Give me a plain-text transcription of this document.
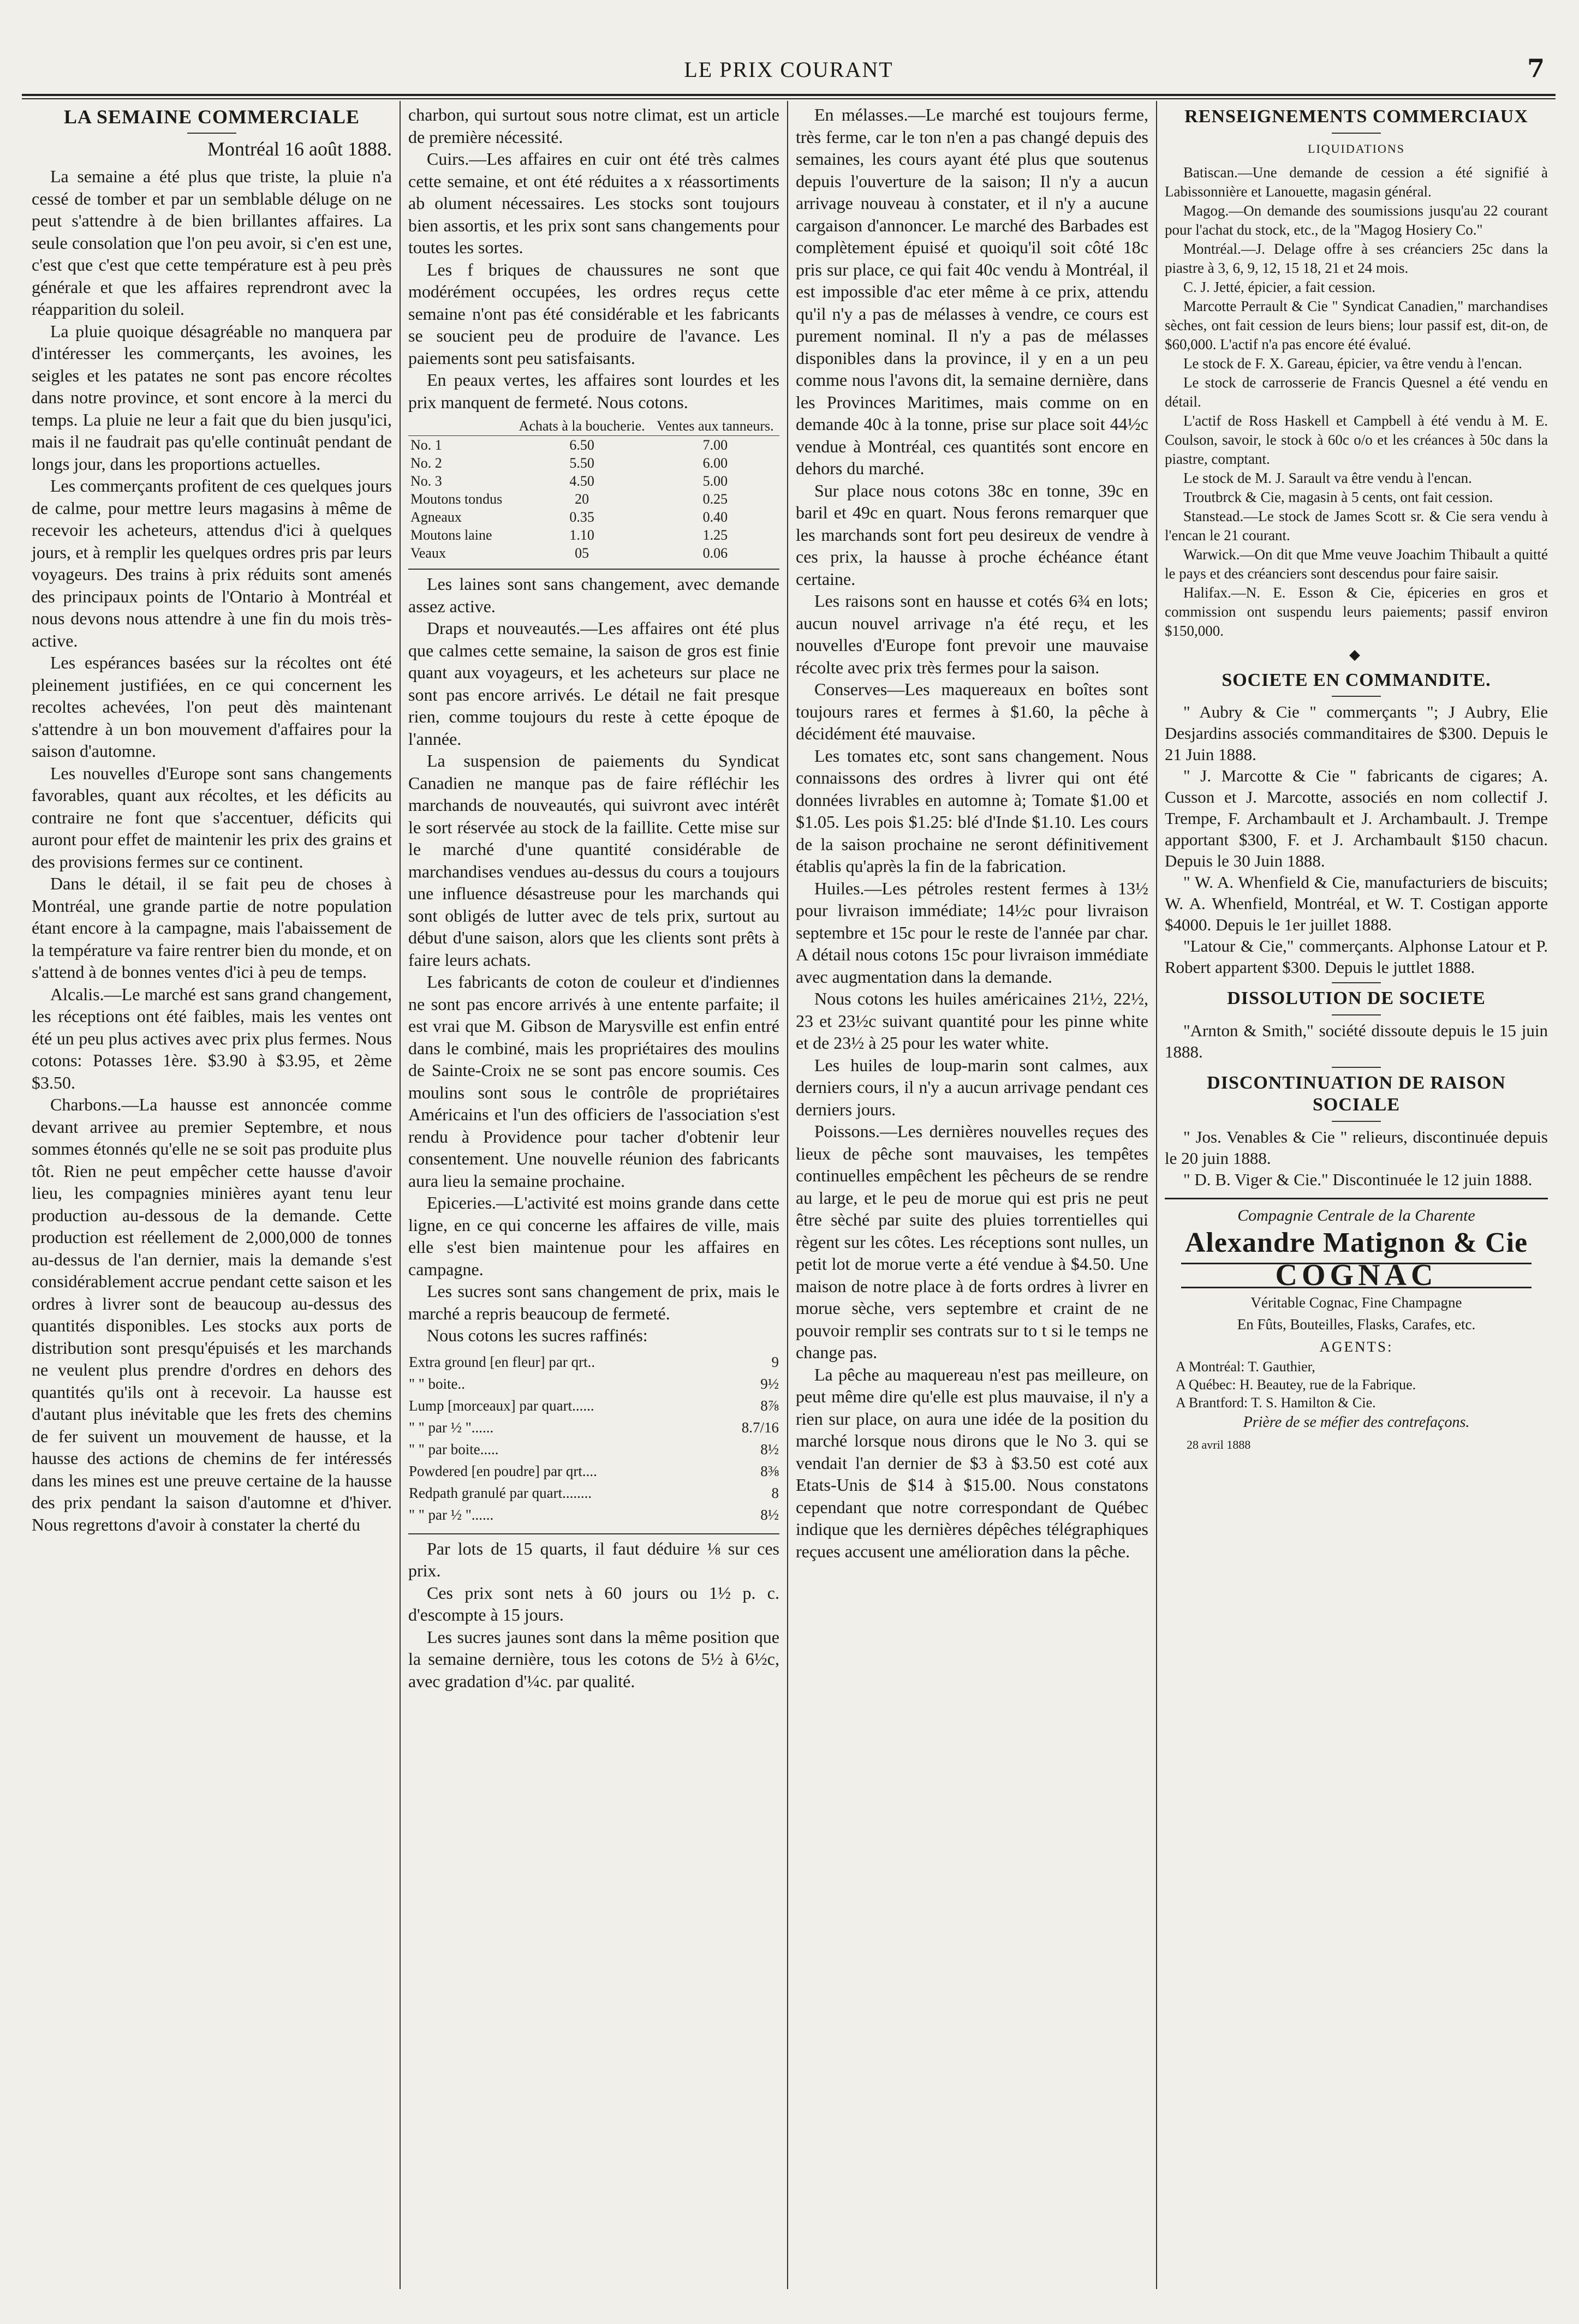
LE PRIX COURANT	7
LA SEMAINE COMMERCIALE
Montréal 16 août 1888.

La semaine a été plus que triste, la pluie n'a cessé de tomber et par un semblable déluge on ne peut s'attendre à de bien brillantes affaires. La seule consolation que l'on peu avoir, si c'en est une, c'est que c'est que cette température est à peu près générale et que les affaires reprendront avec la réapparition du soleil.

La pluie quoique désagréable no manquera par d'intéresser les commerçants, les avoines, les seigles et les patates ne sont pas encore récoltes dans notre province, et sont encore à la merci du temps. La pluie ne leur a fait que du bien jusqu'ici, mais il ne faudrait pas qu'elle continuât pendant de longs jour, dans les proportions actuelles.

Les commerçants profitent de ces quelques jours de calme, pour mettre leurs magasins à même de recevoir les acheteurs, attendus d'ici à quelques jours, et à remplir les quelques ordres pris par leurs voyageurs. Des trains à prix réduits sont amenés des principaux points de l'Ontario à Montréal et nous devons nous attendre à une fin du mois très-active.

Les espérances basées sur la récoltes ont été pleinement justifiées, en ce qui concernent les recoltes achevées, l'on peut dès maintenant s'attendre à un bon mouvement d'affaires pour la saison d'automne.

Les nouvelles d'Europe sont sans changements favorables, quant aux récoltes, et les déficits au contraire ne font que s'accentuer, déficits qui auront pour effet de maintenir les prix des grains et des provisions fermes sur ce continent.

Dans le détail, il se fait peu de choses à Montréal, une grande partie de notre population étant encore à la campagne, mais l'abaissement de la température va faire rentrer bien du monde, et on s'attend à de bonnes ventes d'ici à peu de temps.

Alcalis.—Le marché est sans grand changement, les réceptions ont été faibles, mais les ventes ont été un peu plus actives avec prix plus fermes. Nous cotons: Potasses 1ère. $3.90 à $3.95, et 2ème $3.50.

Charbons.—La hausse est annoncée comme devant arrivee au premier Septembre, et nous sommes étonnés qu'elle ne se soit pas produite plus tôt. Rien ne peut empêcher cette hausse d'avoir lieu, les compagnies minières ayant tenu leur production au-dessous de la demande. Cette production est réellement de 2,000,000 de tonnes au-dessus de l'an dernier, mais la demande s'est considérablement accrue pendant cette saison et les ordres à livrer sont de beaucoup au-dessus des quantités disponibles. Les stocks aux ports de distribution sont presqu'épuisés et les marchands ne veulent plus prendre d'ordres en dehors des quantités qu'ils ont à recevoir. La hausse est d'autant plus inévitable que les frets des chemins de fer suivent un mouvement de hausse, et la hausse des actions de chemins de fer intéressés dans les mines est une preuve certaine de la hausse des prix pendant la saison d'automne et d'hiver. Nous regrettons d'avoir à constater la cherté du

charbon, qui surtout sous notre climat, est un article de première nécessité.

Cuirs.—Les affaires en cuir ont été très calmes cette semaine, et ont été réduites a x réassortiments ab olument nécessaires. Les stocks sont toujours bien assortis, et les prix sont sans changements pour toutes les sortes.

Les f briques de chaussures ne sont que modérément occupées, les ordres reçus cette semaine n'ont pas été considérable et les fabricants se soucient peu de produire de l'avance. Les paiements sont peu satisfaisants.

En peaux vertes, les affaires sont lourdes et les prix manquent de fermeté. Nous cotons.

	Achats à la boucherie.	Ventes aux tanneurs.
No. 1	6.50	7.00
No. 2	5.50	6.00
No. 3	4.50	5.00
Moutons tondus	20	0.25
Agneaux	0.35	0.40
Moutons laine	1.10	1.25
Veaux	05	0.06

Les laines sont sans changement, avec demande assez active.

Draps et nouveautés.—Les affaires ont été plus que calmes cette semaine, la saison de gros est finie quant aux voyageurs, et les acheteurs sur place ne sont pas encore arrivés. Le détail ne fait presque rien, comme toujours du reste à cette époque de l'année.

La suspension de paiements du Syndicat Canadien ne manque pas de faire réfléchir les marchands de nouveautés, qui suivront avec intérêt le sort réservée au stock de la faillite. Cette mise sur le marché d'une quantité considérable de marchandises vendues au-dessus du cours a toujours une influence désastreuse pour les marchands qui sont obligés de lutter avec de tels prix, surtout au début d'une saison, alors que les clients sont prêts à faire leurs achats.

Les fabricants de coton de couleur et d'indiennes ne sont pas encore arrivés à une entente parfaite; il est vrai que M. Gibson de Marysville est enfin entré dans le combiné, mais les propriétaires des moulins de Sainte-Croix ne se sont pas encore soumis. Ces moulins sont sous le contrôle de propriétaires Américains et l'un des officiers de l'association s'est rendu à Providence pour tacher d'obtenir leur consentement. Une nouvelle réunion des fabricants aura lieu la semaine prochaine.

Epiceries.—L'activité est moins grande dans cette ligne, en ce qui concerne les affaires de ville, mais elle s'est bien maintenue pour les affaires en campagne.

Les sucres sont sans changement de prix, mais le marché a repris beaucoup de fermeté.

Nous cotons les sucres raffinés:

Extra ground [en fleur] par qrt..	9
" " boite..	9½
Lump [morceaux] par quart......	8⅞
" " par ½ "......	8.7/16
" " par boite.....	8½
Powdered [en poudre] par qrt....	8⅜
Redpath granulé par quart........	8
" " par ½ "......	8½

Par lots de 15 quarts, il faut déduire ⅛ sur ces prix.

Ces prix sont nets à 60 jours ou 1½ p. c. d'escompte à 15 jours.

Les sucres jaunes sont dans la même position que la semaine dernière, tous les cotons de 5½ à 6½c, avec gradation d'¼c. par qualité.

En mélasses.—Le marché est toujours ferme, très ferme, car le ton n'en a pas changé depuis des semaines, les cours ayant été plus que soutenus depuis l'ouverture de la saison; Il n'y a aucun arrivage nouveau à constater, et il n'y a aucune cargaison d'annoncer. Le marché des Barbades est complètement épuisé et quoiqu'il soit côté 18c pris sur place, ce qui fait 40c vendu à Montréal, il est impossible d'ac eter même à ce prix, attendu qu'il n'y a pas de mélasses à vendre, ce cours est purement nominal. Il n'y a pas de mélasses disponibles dans la province, il y en a un peu comme nous l'avons dit, la semaine dernière, dans les Provinces Maritimes, mais comme on en demande 40c à la tonne, prise sur place soit 44½c vendue à Montréal, ces quantités sont encore en dehors du marché.

Sur place nous cotons 38c en tonne, 39c en baril et 49c en quart. Nous ferons remarquer que les marchands sont fort peu desireux de vendre à ces prix, la hausse à proche échéance étant certaine.

Les raisons sont en hausse et cotés 6¾ en lots; aucun nouvel arrivage n'a été reçu, et les nouvelles d'Europe font prevoir une mauvaise récolte avec prix très fermes pour la saison.

Conserves—Les maquereaux en boîtes sont toujours rares et fermes à $1.60, la pêche à décidément été mauvaise.

Les tomates etc, sont sans changement. Nous connaissons des ordres à livrer qui ont été données livrables en automne à; Tomate $1.00 et $1.05. Les pois $1.25: blé d'Inde $1.10. Les cours de la saison prochaine ne seront définitivement établis qu'après la fin de la fabrication.

Huiles.—Les pétroles restent fermes à 13½ pour livraison immédiate; 14½c pour livraison septembre et 15c pour le reste de l'année par char. A détail nous cotons 15c pour livraison immédiate avec augmentation dans la demande.

Nous cotons les huiles américaines 21½, 22½, 23 et 23½c suivant quantité pour les pinne white et de 23½ à 25 pour les water white.

Les huiles de loup-marin sont calmes, aux derniers cours, il n'y a aucun arrivage pendant ces derniers jours.

Poissons.—Les dernières nouvelles reçues des lieux de pêche sont mauvaises, les tempêtes continuelles empêchent les pêcheurs de se rendre au large, et le peu de morue qui est pris ne peut être sèché par suite des pluies torrentielles qui règent sur les côtes. Les réceptions sont nulles, un petit lot de morue verte a été vendue à $4.50. Une maison de notre place à de forts ordres à livrer en morue sèche, vers septembre et craint de ne pouvoir remplir ses contrats sur to t si le temps ne change pas.

La pêche au maquereau n'est pas meilleure, on peut même dire qu'elle est plus mauvaise, il n'y a rien sur place, on aura une idée de la position du marché lorsque nous dirons que le No 3. qui se vendait l'an dernier de $3 à $3.50 est coté aux Etats-Unis de $14 à $15.00. Nous constatons cependant que notre correspondant de Québec indique que les dernières dépêches télégraphiques reçues accusent une amélioration dans la pêche.

RENSEIGNEMENTS COMMERCIAUX
LIQUIDATIONS

Batiscan.—Une demande de cession a été signifié à Labissonnière et Lanouette, magasin général.

Magog.—On demande des soumissions jusqu'au 22 courant pour l'achat du stock, etc., de la "Magog Hosiery Co."

Montréal.—J. Delage offre à ses créanciers 25c dans la piastre à 3, 6, 9, 12, 15 18, 21 et 24 mois.

C. J. Jetté, épicier, a fait cession.

Marcotte Perrault & Cie " Syndicat Canadien," marchandises sèches, ont fait cession de leurs biens; lour passif est, dit-on, de $60,000. L'actif n'a pas encore été évalué.

Le stock de F. X. Gareau, épicier, va être vendu à l'encan.

Le stock de carrosserie de Francis Quesnel a été vendu en détail.

L'actif de Ross Haskell et Campbell à été vendu à M. E. Coulson, savoir, le stock à 60c o/o et les créances à 50c dans la piastre, comptant.

Le stock de M. J. Sarault va être vendu à l'encan.

Troutbrck & Cie, magasin à 5 cents, ont fait cession.

Stanstead.—Le stock de James Scott sr. & Cie sera vendu à l'encan le 21 courant.

Warwick.—On dit que Mme veuve Joachim Thibault a quitté le pays et des créanciers sont descendus pour faire saisir.

Halifax.—N. E. Esson & Cie, épiceries en gros et commission ont suspendu leurs paiements; passif environ $150,000.

◆
SOCIETE EN COMMANDITE.

" Aubry & Cie " commerçants "; J Aubry, Elie Desjardins associés commanditaires de $300. Depuis le 21 Juin 1888.

" J. Marcotte & Cie " fabricants de cigares; A. Cusson et J. Marcotte, associés en nom collectif J. Trempe, F. Archambault et J. Archambault. J. Trempe apportant $300, F. et J. Archambault $150 chacun. Depuis le 30 Juin 1888.

" W. A. Whenfield & Cie, manufacturiers de biscuits; W. A. Whenfield, Montréal, et W. T. Costigan apporte $4000. Depuis le 1er juillet 1888.

"Latour & Cie," commerçants. Alphonse Latour et P. Robert appartent $300. Depuis le juttlet 1888.

DISSOLUTION DE SOCIETE

"Arnton & Smith," société dissoute depuis le 15 juin 1888.

DISCONTINUATION DE RAISON SOCIALE

" Jos. Venables & Cie " relieurs, discontinuée depuis le 20 juin 1888.

" D. B. Viger & Cie." Discontinuée le 12 juin 1888.

Compagnie Centrale de la Charente
Alexandre Matignon & Cie
COGNAC
Véritable Cognac, Fine Champagne
En Fûts, Bouteilles, Flasks, Carafes, etc.
AGENTS:
A Montréal: T. Gauthier,
A Québec: H. Beautey, rue de la Fabrique.
A Brantford: T. S. Hamilton & Cie.
Prière de se méfier des contrefaçons.
28 avril 1888
